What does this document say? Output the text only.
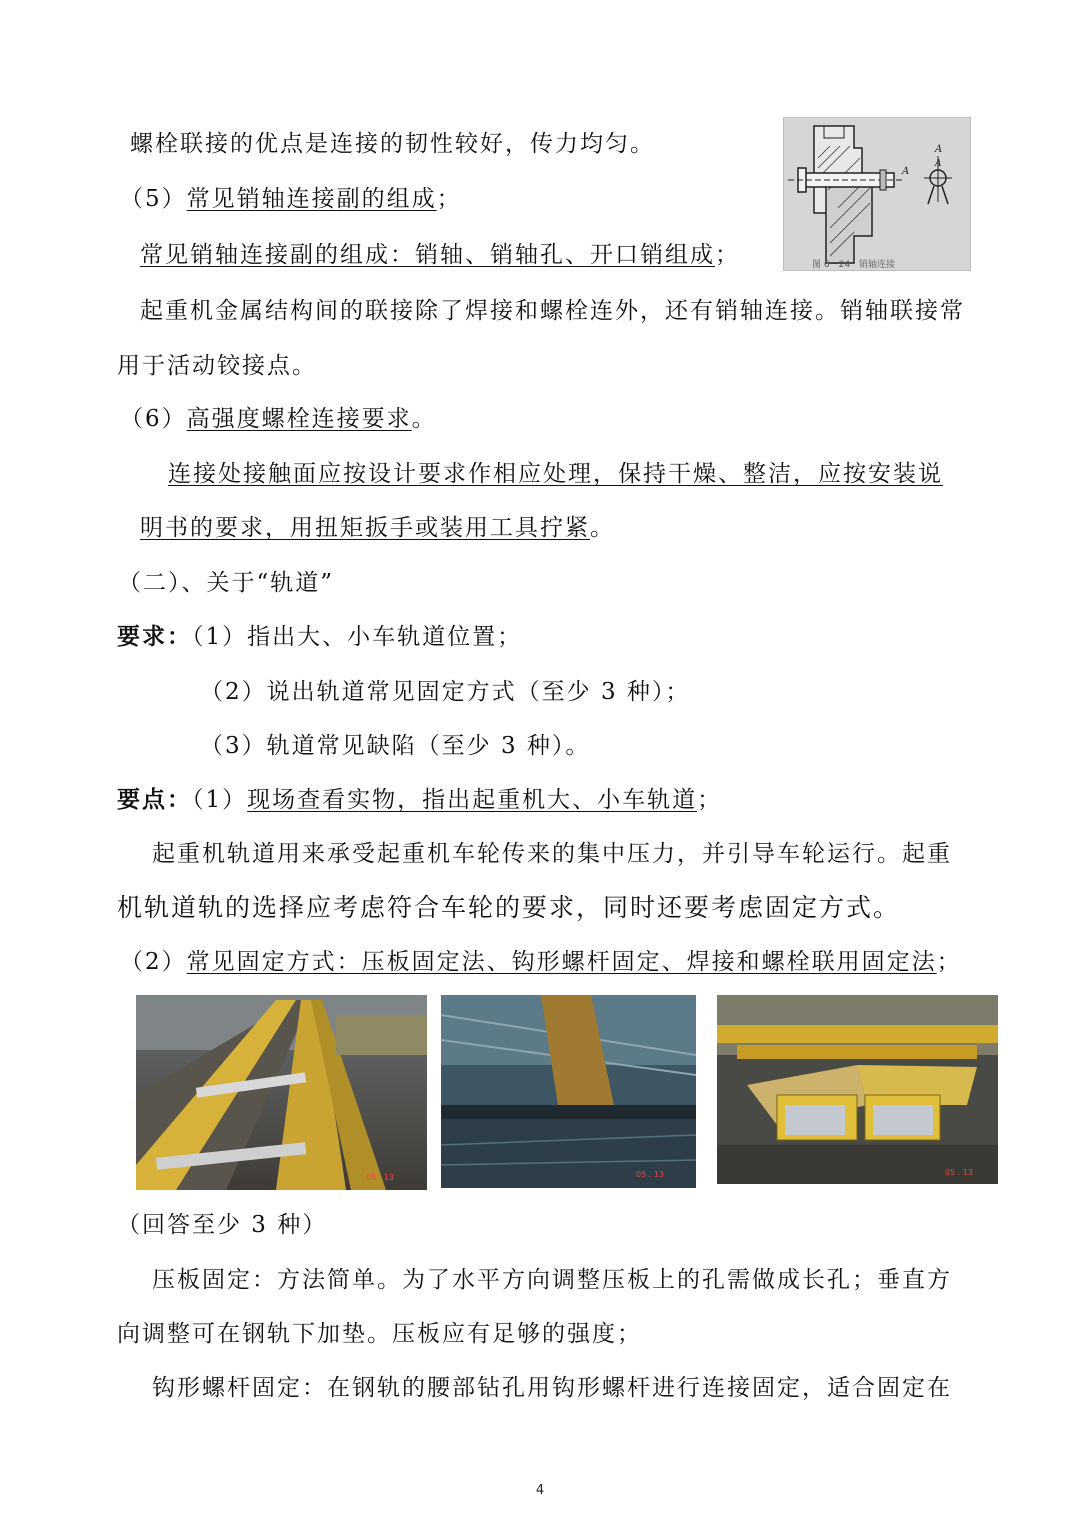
螺栓联接的优点是连接的韧性较好，传力均匀。
（5）常见销轴连接副的组成；
常见销轴连接副的组成：销轴、销轴孔、开口销组成；
A
A
A
图 6－24　销轴连接
起重机金属结构间的联接除了焊接和螺栓连外，还有销轴连接。销轴联接常
用于活动铰接点。
（6）高强度螺栓连接要求。
连接处接触面应按设计要求作相应处理，保持干燥、整洁，应按安装说
明书的要求，用扭矩扳手或装用工具拧紧。
（二）、关于“轨道”
要求：（1）指出大、小车轨道位置；
（2）说出轨道常见固定方式（至少 3 种）；
（3）轨道常见缺陷（至少 3 种）。
要点：（1）现场查看实物，指出起重机大、小车轨道；
起重机轨道用来承受起重机车轮传来的集中压力，并引导车轮运行。起重
机轨道轨的选择应考虑符合车轮的要求，同时还要考虑固定方式。
（2）常见固定方式：压板固定法、钩形螺杆固定、焊接和螺栓联用固定法；
05 . 13	05 . 13	05 . 13
（回答至少 3 种）
压板固定：方法简单。为了水平方向调整压板上的孔需做成长孔；垂直方
向调整可在钢轨下加垫。压板应有足够的强度；
钩形螺杆固定：在钢轨的腰部钻孔用钩形螺杆进行连接固定，适合固定在
4
